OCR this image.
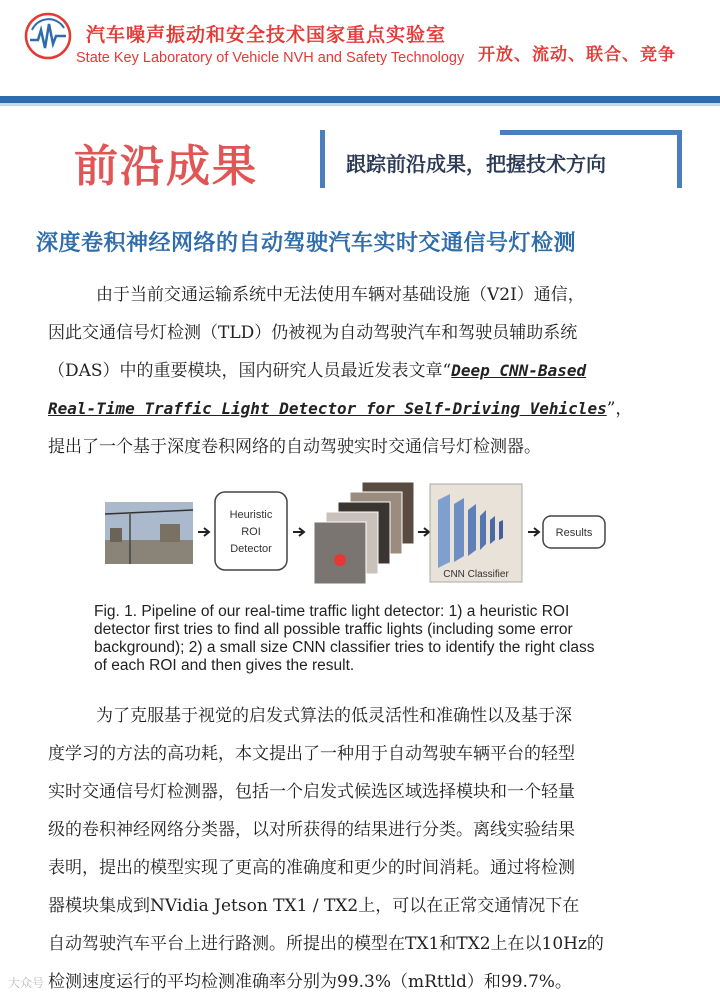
汽车噪声振动和安全技术国家重点实验室
State Key Laboratory of Vehicle NVH and Safety Technology 开放、流动、联合、竞争
前沿成果	跟踪前沿成果，把握技术方向
深度卷积神经网络的自动驾驶汽车实时交通信号灯检测
由于当前交通运输系统中无法使用车辆对基础设施（V2I）通信，
因此交通信号灯检测（TLD）仍被视为自动驾驶汽车和驾驶员辅助系统
（DAS）中的重要模块，国内研究人员最近发表文章“Deep CNN-Based
Real-Time Traffic Light Detector for Self-Driving Vehicles”，
提出了一个基于深度卷积网络的自动驾驶实时交通信号灯检测器。
Heuristic
ROI
Detector
CNN Classifier
Results
Fig. 1. Pipeline of our real-time traffic light detector: 1) a heuristic ROI
detector first tries to find all possible traffic lights (including some error
background); 2) a small size CNN classifier tries to identify the right class
of each ROI and then gives the result.
为了克服基于视觉的启发式算法的低灵活性和准确性以及基于深
度学习的方法的高功耗，本文提出了一种用于自动驾驶车辆平台的轻型
实时交通信号灯检测器，包括一个启发式候选区域选择模块和一个轻量
级的卷积神经网络分类器，以对所获得的结果进行分类。离线实验结果
表明，提出的模型实现了更高的准确度和更少的时间消耗。通过将检测
器模块集成到NVidia Jetson TX1 / TX2上，可以在正常交通情况下在
自动驾驶汽车平台上进行路测。所提出的模型在TX1和TX2上在以10Hz的
检测速度运行的平均检测准确率分别为99.3%（mRttld）和99.7%。
大众号
